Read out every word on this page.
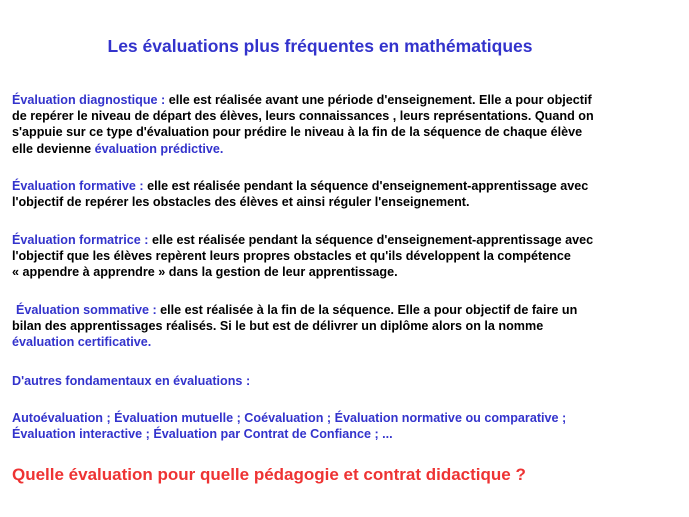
Les évaluations plus fréquentes en mathématiques
Évaluation diagnostique : elle est réalisée avant une période d'enseignement. Elle a pour objectif
de repérer le niveau de départ des élèves, leurs connaissances , leurs représentations. Quand on
s'appuie sur ce type d'évaluation pour prédire le niveau à la fin de la séquence de chaque élève
elle devienne évaluation prédictive.
Évaluation formative : elle est réalisée pendant la séquence d'enseignement-apprentissage avec
l'objectif de repérer les obstacles des élèves et ainsi réguler l'enseignement.
Évaluation formatrice : elle est réalisée pendant la séquence d'enseignement-apprentissage avec
l'objectif que les élèves repèrent leurs propres obstacles et qu'ils développent la compétence
« appendre à apprendre » dans la gestion de leur apprentissage.
Évaluation sommative : elle est réalisée à la fin de la séquence. Elle a pour objectif de faire un
bilan des apprentissages réalisés. Si le but est de délivrer un diplôme alors on la nomme
évaluation certificative.
D'autres fondamentaux en évaluations :
Autoévaluation ; Évaluation mutuelle ; Coévaluation ; Évaluation normative ou comparative ;
Évaluation interactive ; Évaluation par Contrat de Confiance ; ...
Quelle évaluation pour quelle pédagogie et contrat didactique ?
